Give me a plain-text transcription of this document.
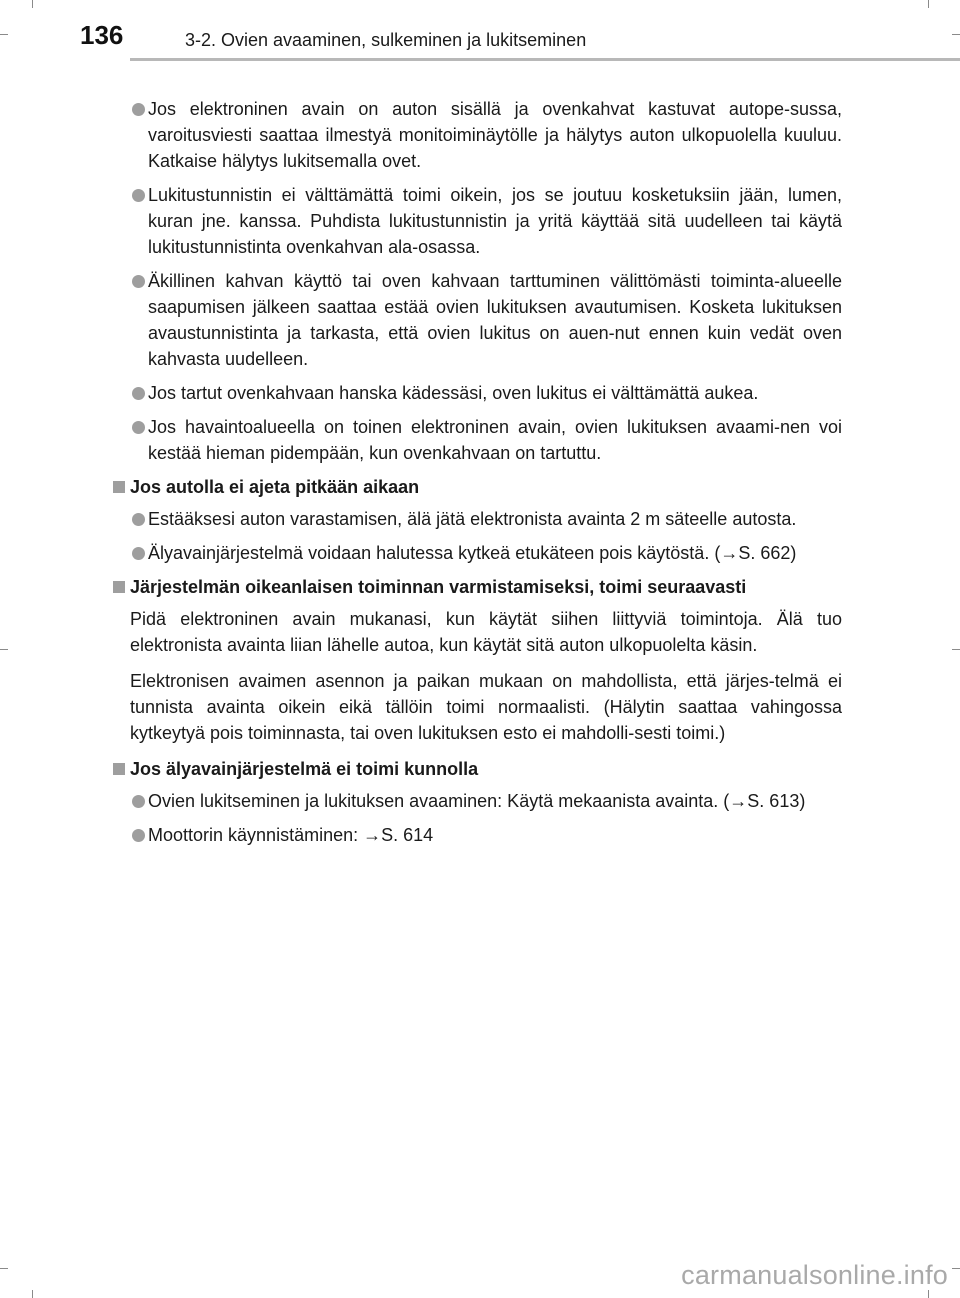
136	3-2. Ovien avaaminen, sulkeminen ja lukitseminen
Jos elektroninen avain on auton sisällä ja ovenkahvat kastuvat autope-sussa, varoitusviesti saattaa ilmestyä monitoiminäytölle ja hälytys auton ulkopuolella kuuluu. Katkaise hälytys lukitsemalla ovet.
Lukitustunnistin ei välttämättä toimi oikein, jos se joutuu kosketuksiin jään, lumen, kuran jne. kanssa. Puhdista lukitustunnistin ja yritä käyttää sitä uudelleen tai käytä lukitustunnistinta ovenkahvan ala-osassa.
Äkillinen kahvan käyttö tai oven kahvaan tarttuminen välittömästi toiminta-alueelle saapumisen jälkeen saattaa estää ovien lukituksen avautumisen. Kosketa lukituksen avaustunnistinta ja tarkasta, että ovien lukitus on auen-nut ennen kuin vedät oven kahvasta uudelleen.
Jos tartut ovenkahvaan hanska kädessäsi, oven lukitus ei välttämättä aukea.
Jos havaintoalueella on toinen elektroninen avain, ovien lukituksen avaami-nen voi kestää hieman pidempään, kun ovenkahvaan on tartuttu.
Jos autolla ei ajeta pitkään aikaan
Estääksesi auton varastamisen, älä jätä elektronista avainta 2 m säteelle autosta.
Älyavainjärjestelmä voidaan halutessa kytkeä etukäteen pois käytöstä. (→S. 662)
Järjestelmän oikeanlaisen toiminnan varmistamiseksi, toimi seuraavasti

Pidä elektroninen avain mukanasi, kun käytät siihen liittyviä toimintoja. Älä tuo elektronista avainta liian lähelle autoa, kun käytät sitä auton ulkopuolelta käsin.

Elektronisen avaimen asennon ja paikan mukaan on mahdollista, että järjes-telmä ei tunnista avainta oikein eikä tällöin toimi normaalisti. (Hälytin saattaa vahingossa kytkeytyä pois toiminnasta, tai oven lukituksen esto ei mahdolli-sesti toimi.)

Jos älyavainjärjestelmä ei toimi kunnolla
Ovien lukitseminen ja lukituksen avaaminen: Käytä mekaanista avainta. (→S. 613)
Moottorin käynnistäminen: →S. 614
carmanualsonline.info
